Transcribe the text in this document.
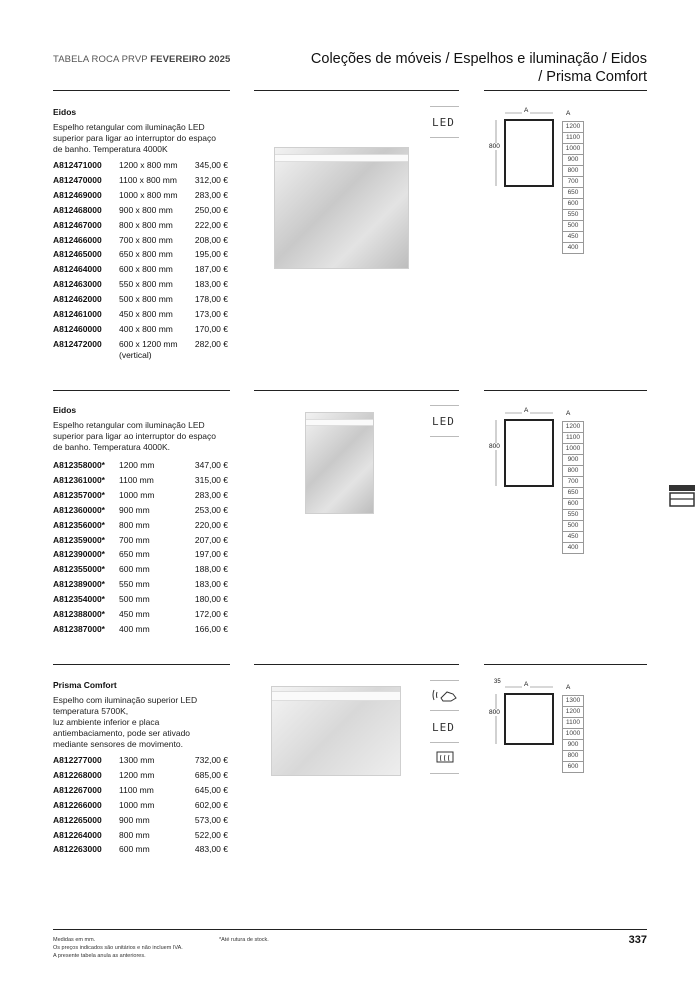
TABELA ROCA PRVP FEVEREIRO 2025	Coleções de móveis / Espelhos e iluminação / Eidos
/ Prisma Comfort
Eidos
Espelho retangular com iluminação LED
superior para ligar ao interruptor do espaço
de banho. Temperatura 4000K
A812471000 1200 x 800 mm	345,00 €
A812470000 1100 x 800 mm	312,00 €
A812469000 1000 x 800 mm	283,00 €
A812468000 900 x 800 mm	250,00 €
A812467000 800 x 800 mm	222,00 €
A812466000 700 x 800 mm	208,00 €
A812465000 650 x 800 mm	195,00 €
A812464000 600 x 800 mm	187,00 €
A812463000 550 x 800 mm	183,00 €
A812462000 500 x 800 mm	178,00 €
A812461000 450 x 800 mm	173,00 €
A812460000 400 x 800 mm	170,00 €
A812472000 600 x 1200 mm	282,00 €
(vertical)
A
800
A
1200
1100
1000
900
800
700
650
600
550
500
450
400
Eidos
Espelho retangular com iluminação LED
superior para ligar ao interruptor do espaço
de banho. Temperatura 4000K.
A812358000* 1200 mm	347,00 €
A812361000* 1100 mm	315,00 €
A812357000* 1000 mm	283,00 €
A812360000* 900 mm	253,00 €
A812356000* 800 mm	220,00 €
A812359000* 700 mm	207,00 €
A812390000* 650 mm	197,00 €
A812355000* 600 mm	188,00 €
A812389000* 550 mm	183,00 €
A812354000* 500 mm	180,00 €
A812388000* 450 mm	172,00 €
A812387000* 400 mm	166,00 €
A
800
A
1200
1100
1000
900
800
700
650
600
550
500
450
400
Prisma Comfort
Espelho com iluminação superior LED
temperatura 5700K,
luz ambiente inferior e placa
antiembaciamento, pode ser ativado
mediante sensores de movimento.
A812277000 1300 mm	732,00 €
A812268000 1200 mm	685,00 €
A812267000 1100 mm	645,00 €
A812266000 1000 mm	602,00 €
A812265000 900 mm	573,00 €
A812264000 800 mm	522,00 €
A812263000 600 mm	483,00 €
A
800
35
A
1300
1200
1100
1000
900
800
600
LED
LED
LED
Medidas em mm.
Os preços indicados são unitários e não incluem IVA.
A presente tabela anula as anteriores.
*Até rutura de stock.	337
